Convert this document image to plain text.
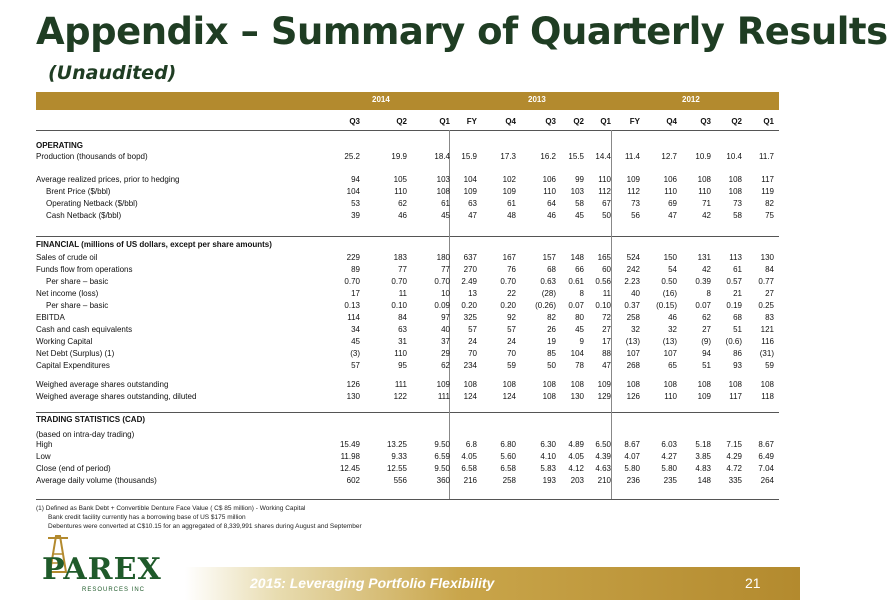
Appendix – Summary of Quarterly Results
(Unaudited)
2014	2013	2012
Q3	Q2	Q1	FY	Q4	Q3	Q2	Q1	FY	Q4	Q3	Q2	Q1
OPERATING
FINANCIAL (millions of US dollars, except per share amounts)
TRADING STATISTICS (CAD)
(based on intra-day trading)
Production (thousands of bopd)	25.2	19.9	18.4	15.9	17.3	16.2	15.5	14.4	11.4	12.7	10.9	10.4	11.7
Average realized prices, prior to hedging	94	105	103	104	102	106	99	110	109	106	108	108	117
Brent Price ($/bbl)	104	110	108	109	109	110	103	112	112	110	110	108	119
Operating Netback ($/bbl)	53	62	61	63	61	64	58	67	73	69	71	73	82
Cash Netback ($/bbl)	39	46	45	47	48	46	45	50	56	47	42	58	75
Sales of crude oil	229	183	180	637	167	157	148	165	524	150	131	113	130
Funds flow from operations	89	77	77	270	76	68	66	60	242	54	42	61	84
Per share – basic	0.70	0.70	0.70	2.49	0.70	0.63	0.61	0.56	2.23	0.50	0.39	0.57	0.77
Net income (loss)	17	11	10	13	22	(28)	8	11	40	(16)	8	21	27
Per share – basic	0.13	0.10	0.09	0.20	0.20	(0.26)	0.07	0.10	0.37	(0.15)	0.07	0.19	0.25
EBITDA	114	84	97	325	92	82	80	72	258	46	62	68	83
Cash and cash equivalents	34	63	40	57	57	26	45	27	32	32	27	51	121
Working Capital	45	31	37	24	24	19	9	17	(13)	(13)	(9)	(0.6)	116
Net Debt (Surplus) (1)	(3)	110	29	70	70	85	104	88	107	107	94	86	(31)
Capital Expenditures	57	95	62	234	59	50	78	47	268	65	51	93	59
Weighed average shares outstanding	126	111	109	108	108	108	108	109	108	108	108	108	108
Weighed average shares outstanding, diluted	130	122	111	124	124	108	130	129	126	110	109	117	118
High	15.49	13.25	9.50	6.8	6.80	6.30	4.89	6.50	8.67	6.03	5.18	7.15	8.67
Low	11.98	9.33	6.59	4.05	5.60	4.10	4.05	4.39	4.07	4.27	3.85	4.29	6.49
Close (end of period)	12.45	12.55	9.50	6.58	6.58	5.83	4.12	4.63	5.80	5.80	4.83	4.72	7.04
Average daily volume (thousands)	602	556	360	216	258	193	203	210	236	235	148	335	264
(1) Defined as Bank Debt + Convertible Denture Face Value ( C$ 85 million) - Working Capital
Bank credit facility currently has a borrowing base of US $175 million
Debentures were converted at C$10.15 for an aggregated of 8,339,991 shares during August and September
PAREX
RESOURCES INC	2015: Leveraging Portfolio Flexibility	21
